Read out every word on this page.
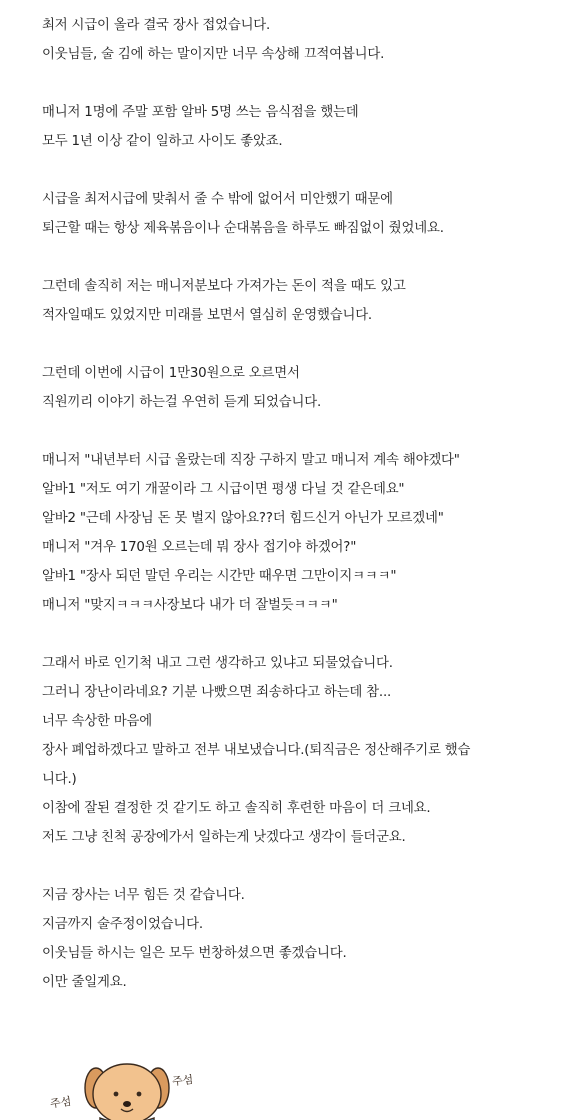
최저 시급이 올라 결국 장사 접었습니다.
이웃님들, 술 김에 하는 말이지만 너무 속상해 끄적여봅니다.
매니저 1명에 주말 포함 알바 5명 쓰는 음식점을 했는데
모두 1년 이상 같이 일하고 사이도 좋았죠.
시급을 최저시급에 맞춰서 줄 수 밖에 없어서 미안했기 때문에
퇴근할 때는 항상 제육볶음이나 순대볶음을 하루도 빠짐없이 줬었네요.
그런데 솔직히 저는 매니저분보다 가져가는 돈이 적을 때도 있고
적자일때도 있었지만 미래를 보면서 열심히 운영했습니다.
그런데 이번에 시급이 1만30원으로 오르면서
직원끼리 이야기 하는걸 우연히 듣게 되었습니다.
매니저 "내년부터 시급 올랐는데 직장 구하지 말고 매니저 계속 해야겠다"
알바1 "저도 여기 개꿀이라 그 시급이면 평생 다닐 것 같은데요"
알바2 "근데 사장님 돈 못 벌지 않아요??더 힘드신거 아닌가 모르겠네"
매니저 "겨우 170원 오르는데 뭐 장사 접기야 하겠어?"
알바1 "장사 되던 말던 우리는 시간만 때우면 그만이지ㅋㅋㅋ"
매니저 "맞지ㅋㅋㅋ사장보다 내가 더 잘벌듯ㅋㅋㅋ"
그래서 바로 인기척 내고 그런 생각하고 있냐고 되물었습니다.
그러니 장난이라네요? 기분 나빴으면 죄송하다고 하는데 참...
너무 속상한 마음에
장사 폐업하겠다고 말하고 전부 내보냈습니다.(퇴직금은 정산해주기로 했습
니다.)
이참에 잘된 결정한 것 같기도 하고 솔직히 후련한 마음이 더 크네요.
저도 그냥 친척 공장에가서 일하는게 낫겠다고 생각이 들더군요.
지금 장사는 너무 힘든 것 같습니다.
지금까지 술주정이었습니다.
이웃님들 하시는 일은 모두 번창하셨으면 좋겠습니다.
이만 줄일게요.
주섬
주섬
